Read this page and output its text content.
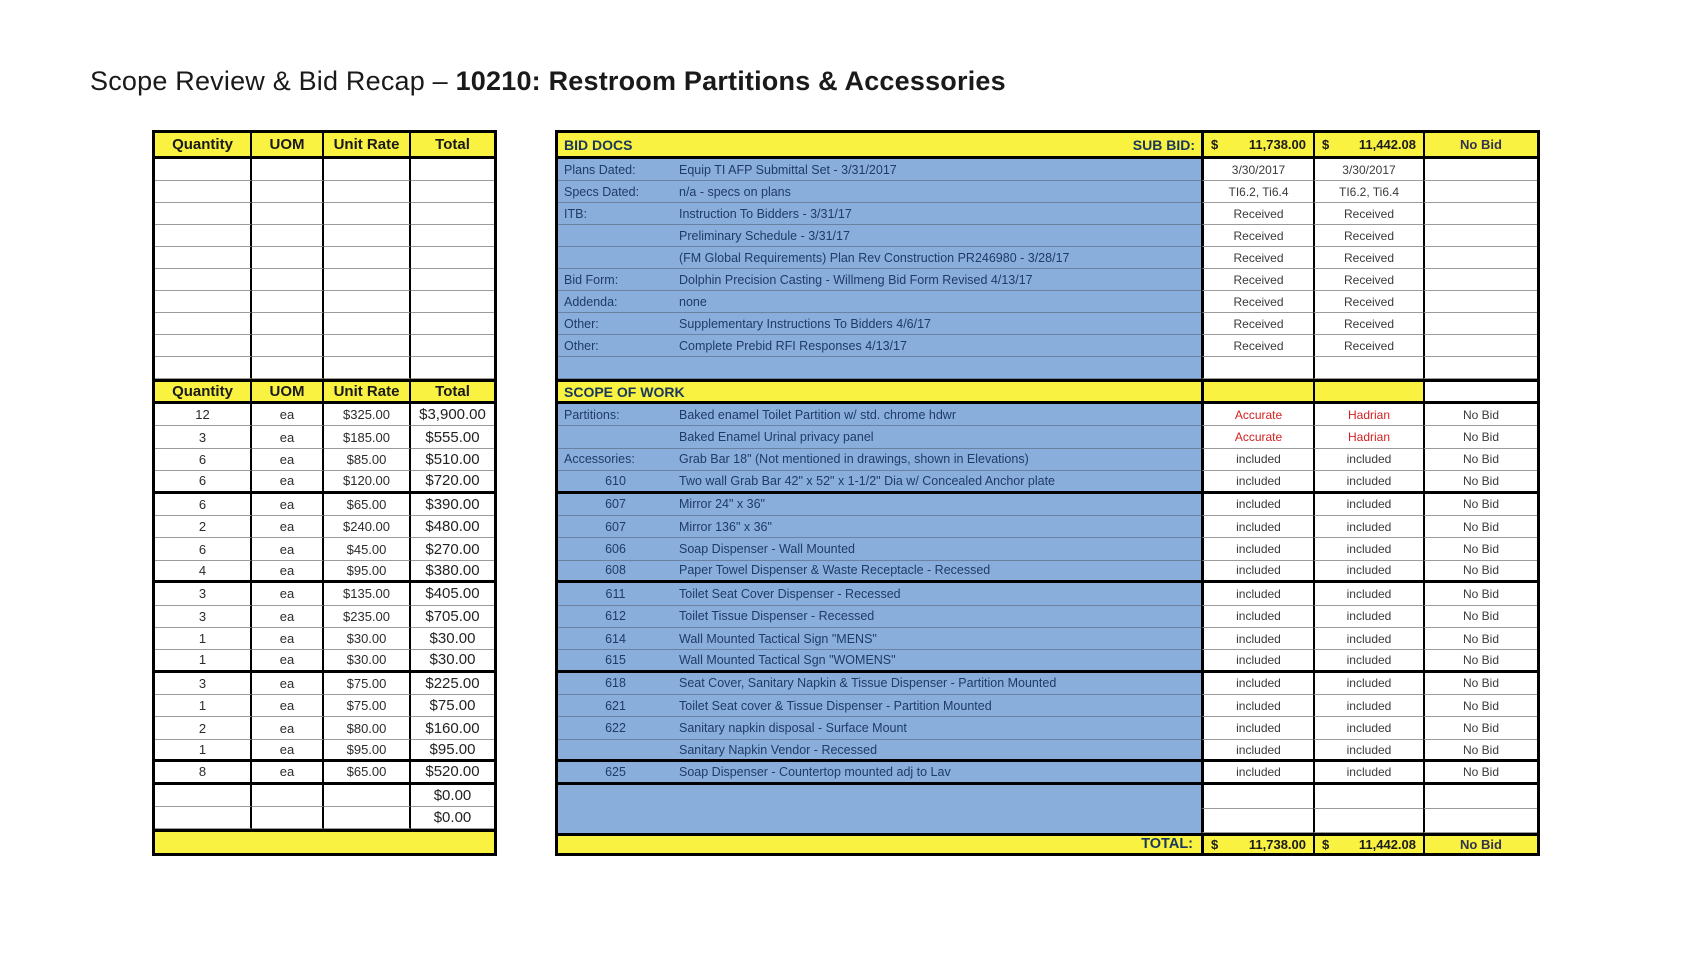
Scope Review & Bid Recap – 10210: Restroom Partitions & Accessories
Quantity	UOM	Unit Rate	Total
Quantity	UOM	Unit Rate	Total
12	ea	$325.00	$3,900.00
3	ea	$185.00	$555.00
6	ea	$85.00	$510.00
6	ea	$120.00	$720.00
6	ea	$65.00	$390.00
2	ea	$240.00	$480.00
6	ea	$45.00	$270.00
4	ea	$95.00	$380.00
3	ea	$135.00	$405.00
3	ea	$235.00	$705.00
1	ea	$30.00	$30.00
1	ea	$30.00	$30.00
3	ea	$75.00	$225.00
1	ea	$75.00	$75.00
2	ea	$80.00	$160.00
1	ea	$95.00	$95.00
8	ea	$65.00	$520.00
$0.00
$0.00
BID DOCS	SUB BID: $ 11,738.00 $ 11,442.08	No Bid
Plans Dated:	Equip TI AFP Submittal Set - 3/31/2017	3/30/2017	3/30/2017
Specs Dated:	n/a - specs on plans	TI6.2, Ti6.4	TI6.2, Ti6.4
ITB:	Instruction To Bidders - 3/31/17	Received	Received
Preliminary Schedule - 3/31/17	Received	Received
(FM Global Requirements) Plan Rev Construction PR246980 - 3/28/17	Received	Received
Bid Form:	Dolphin Precision Casting - Willmeng Bid Form Revised 4/13/17	Received	Received
Addenda:	none	Received	Received
Other:	Supplementary Instructions To Bidders 4/6/17	Received	Received
Other:	Complete Prebid RFI Responses 4/13/17	Received	Received
SCOPE OF WORK
Partitions:	Baked enamel Toilet Partition w/ std. chrome hdwr	Accurate	Hadrian	No Bid
Baked Enamel Urinal privacy panel	Accurate	Hadrian	No Bid
Accessories:	Grab Bar 18" (Not mentioned in drawings, shown in Elevations)	included	included	No Bid
610	Two wall Grab Bar 42" x 52" x 1-1/2" Dia w/ Concealed Anchor plate	included	included	No Bid
607	Mirror 24" x 36"	included	included	No Bid
607	Mirror 136" x 36"	included	included	No Bid
606	Soap Dispenser - Wall Mounted	included	included	No Bid
608	Paper Towel Dispenser & Waste Receptacle - Recessed	included	included	No Bid
611	Toilet Seat Cover Dispenser - Recessed	included	included	No Bid
612	Toilet Tissue Dispenser - Recessed	included	included	No Bid
614	Wall Mounted Tactical Sign "MENS"	included	included	No Bid
615	Wall Mounted Tactical Sgn "WOMENS"	included	included	No Bid
618	Seat Cover, Sanitary Napkin & Tissue Dispenser - Partition Mounted	included	included	No Bid
621	Toilet Seat cover & Tissue Dispenser - Partition Mounted	included	included	No Bid
622	Sanitary napkin disposal - Surface Mount	included	included	No Bid
Sanitary Napkin Vendor - Recessed	included	included	No Bid
625	Soap Dispenser - Countertop mounted adj to Lav	included	included	No Bid
TOTAL:	$ 11,738.00 $ 11,442.08	No Bid
